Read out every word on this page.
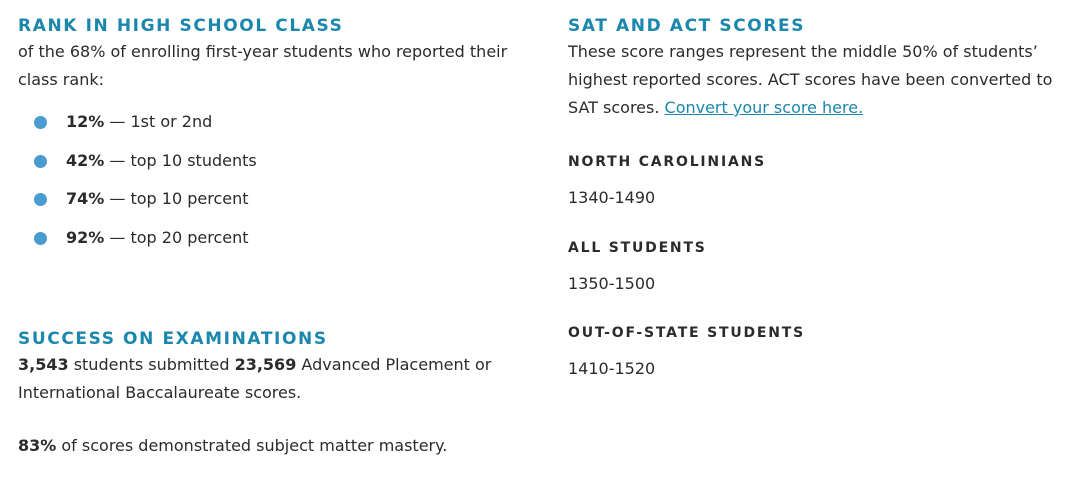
RANK IN HIGH SCHOOL CLASS

of the 68% of enrolling first-year students who reported their
class rank:

12% — 1st or 2nd
42% — top 10 students
74% — top 10 percent
92% — top 20 percent
SUCCESS ON EXAMINATIONS

3,543 students submitted 23,569 Advanced Placement or
International Baccalaureate scores.

83% of scores demonstrated subject matter mastery.

SAT AND ACT SCORES

These score ranges represent the middle 50% of students’
highest reported scores. ACT scores have been converted to
SAT scores. Convert your score here.

NORTH CAROLINIANS

1340-1490

ALL STUDENTS

1350-1500

OUT-OF-STATE STUDENTS

1410-1520
